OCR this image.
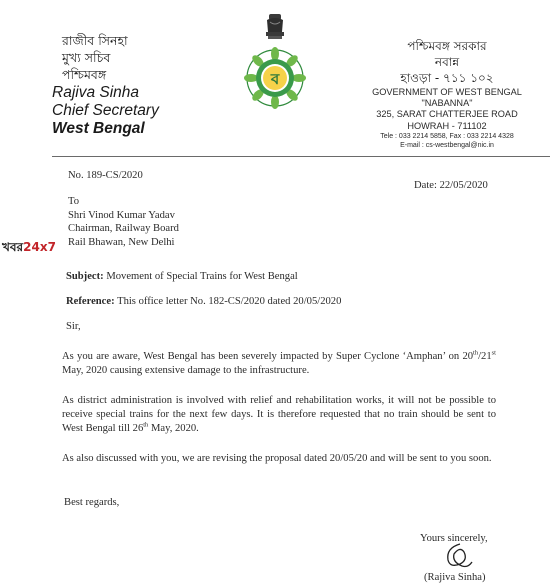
রাজীব সিনহা
মুখ্য সচিব
পশ্চিমবঙ্গ
Rajiva Sinha
Chief Secretary
West Bengal
ব
পশ্চিমবঙ্গ সরকার
নবান্ন
হাওড়া - ৭১১ ১০২
GOVERNMENT OF WEST BENGAL
"NABANNA"
325, SARAT CHATTERJEE ROAD
HOWRAH - 711102
Tele : 033 2214 5858, Fax : 033 2214 4328
E-mail : cs-westbengal@nic.in
খবর24x7
No. 189-CS/2020
Date: 22/05/2020
To
Shri Vinod Kumar Yadav
Chairman, Railway Board
Rail Bhawan, New Delhi
Subject: Movement of Special Trains for West Bengal
Reference: This office letter No. 182-CS/2020 dated 20/05/2020
Sir,
As you are aware, West Bengal has been severely impacted by Super Cyclone ‘Amphan’ on 20th/21st May, 2020 causing extensive damage to the infrastructure.
As district administration is involved with relief and rehabilitation works, it will not be possible to receive special trains for the next few days. It is therefore requested that no train should be sent to West Bengal till 26th May, 2020.
As also discussed with you, we are revising the proposal dated 20/05/20 and will be sent to you soon.
Best regards,
Yours sincerely,
(Rajiva Sinha)
